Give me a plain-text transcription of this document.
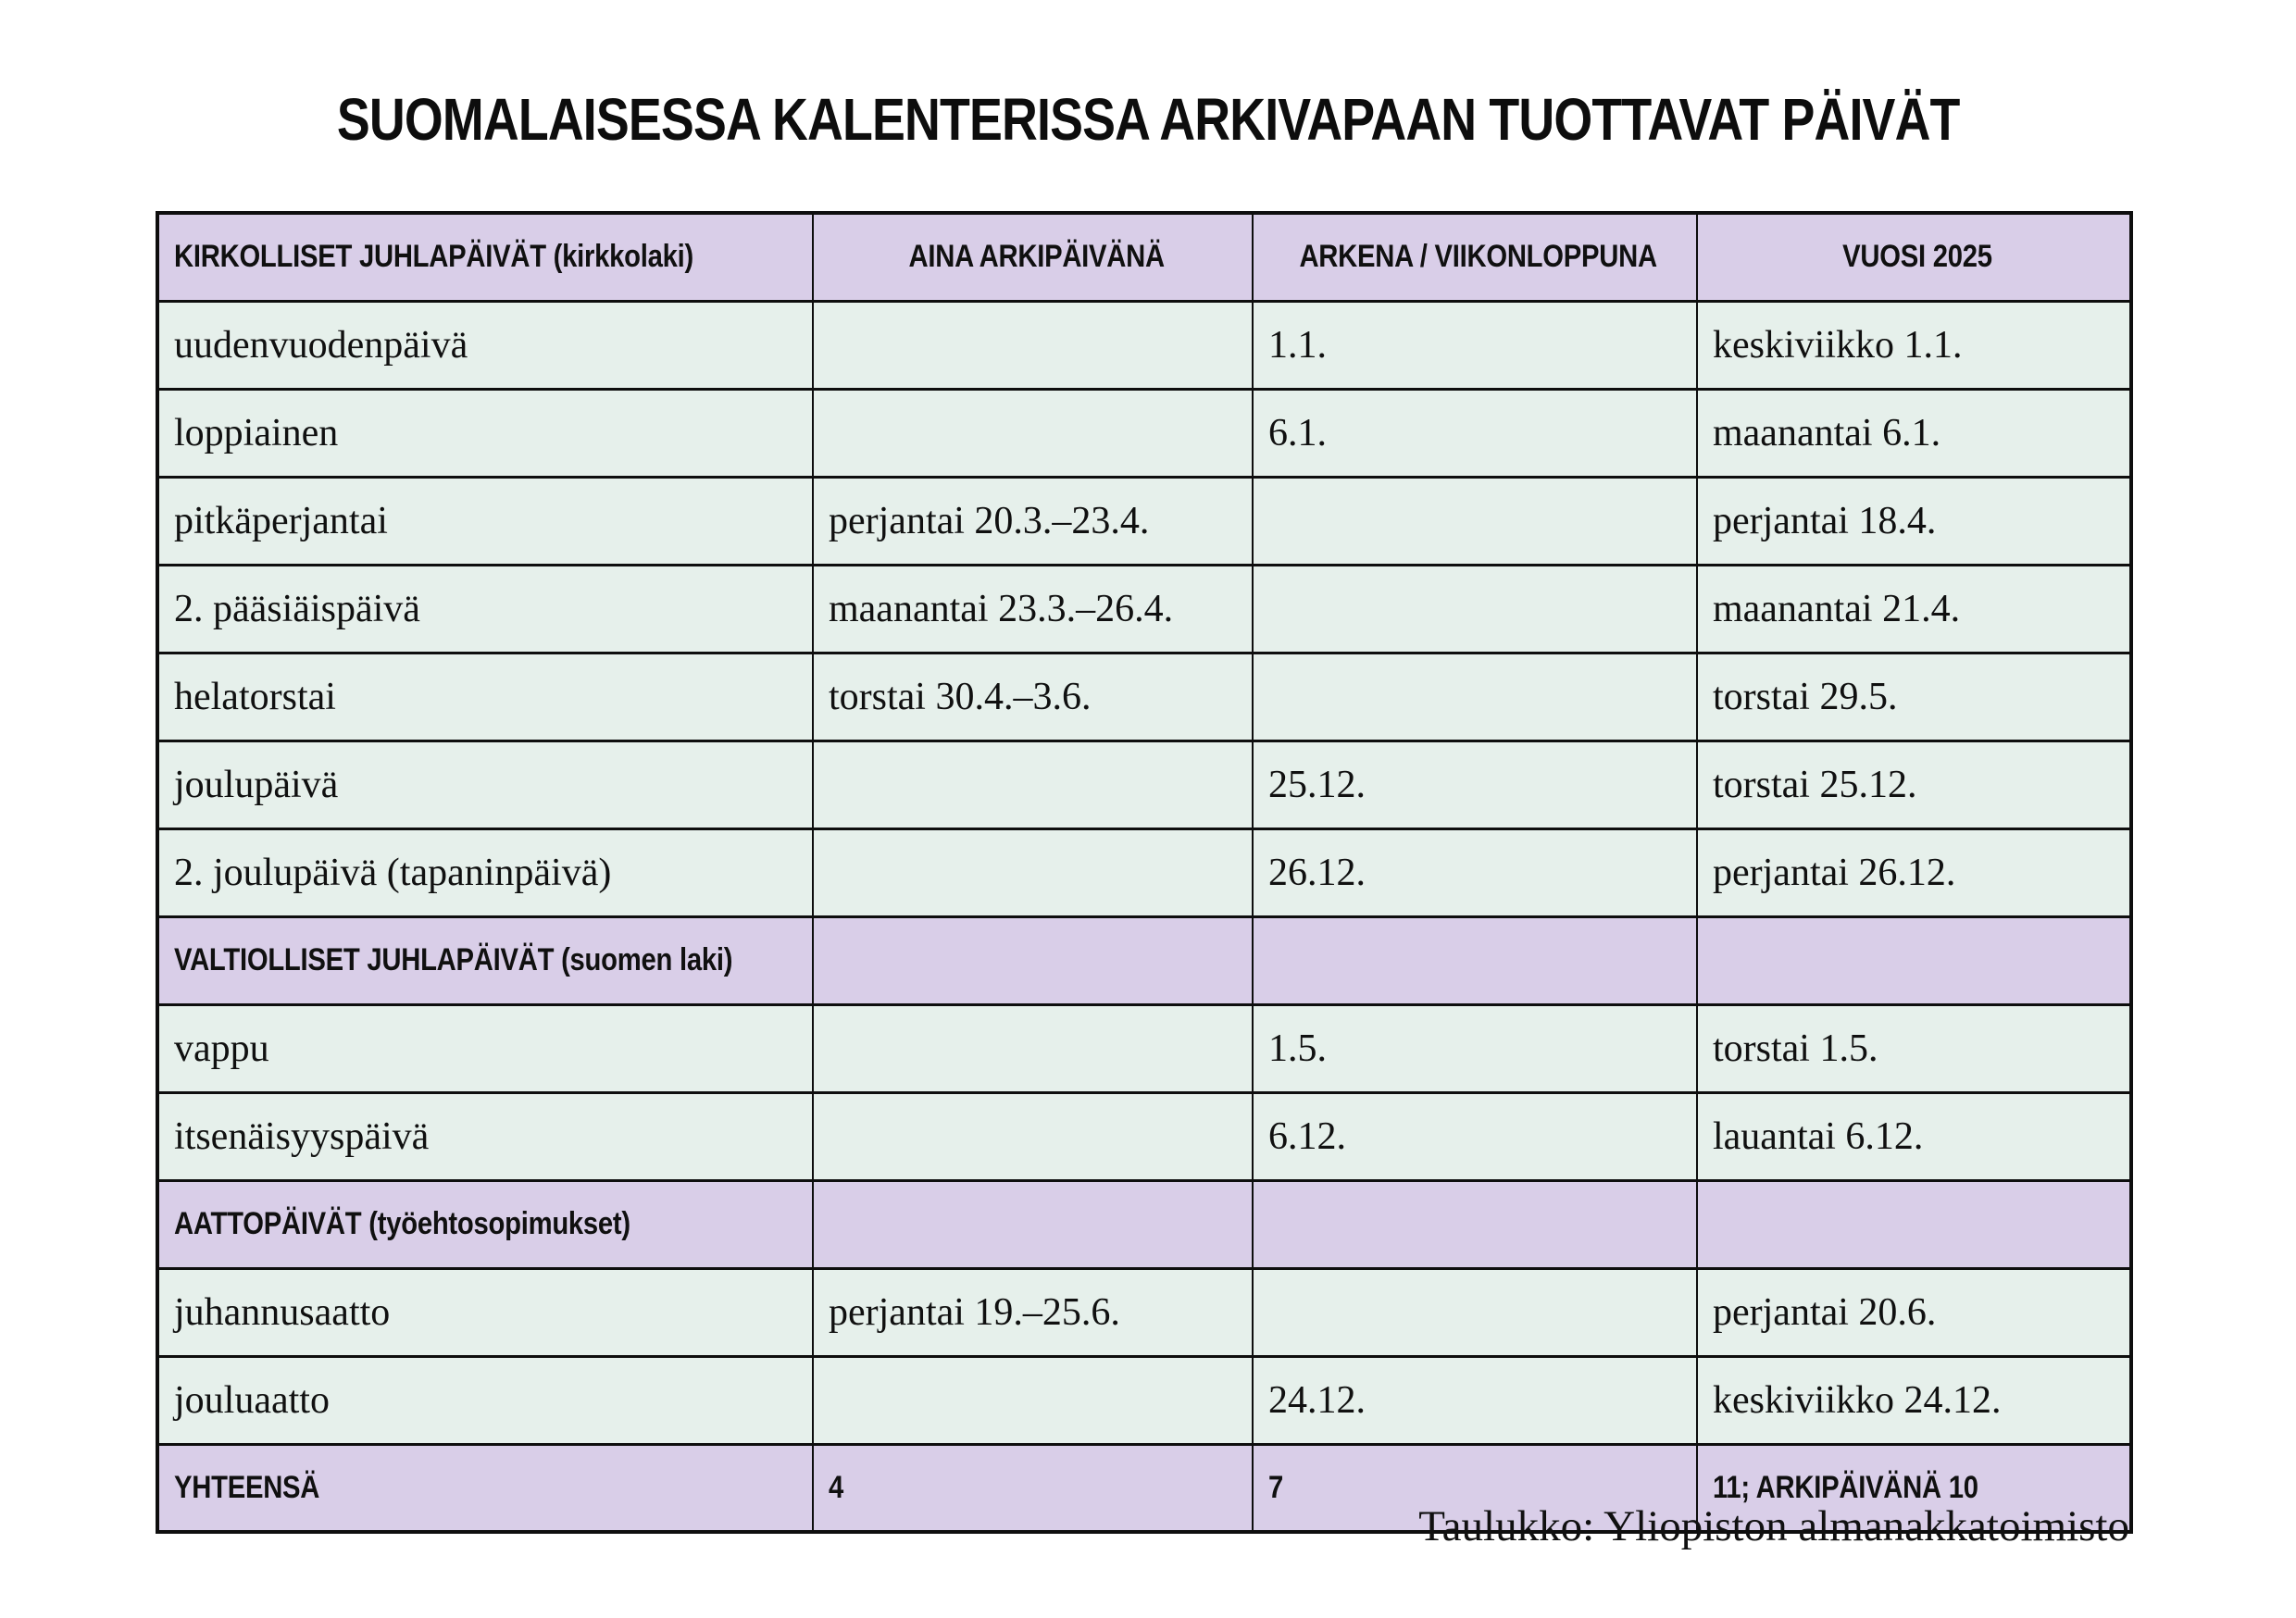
SUOMALAISESSA KALENTERISSA ARKIVAPAAN TUOTTAVAT PÄIVÄT
KIRKOLLISET JUHLAPÄIVÄT (kirkkolaki)	AINA ARKIPÄIVÄNÄ	ARKENA / VIIKONLOPPUNA	VUOSI 2025
uudenvuodenpäivä		1.1.	keskiviikko 1.1.
loppiainen		6.1.	maanantai 6.1.
pitkäperjantai	perjantai 20.3.–23.4.		perjantai 18.4.
2. pääsiäispäivä	maanantai 23.3.–26.4.		maanantai 21.4.
helatorstai	torstai 30.4.–3.6.		torstai 29.5.
joulupäivä		25.12.	torstai 25.12.
2. joulupäivä (tapaninpäivä)		26.12.	perjantai 26.12.
VALTIOLLISET JUHLAPÄIVÄT (suomen laki)			
vappu		1.5.	torstai 1.5.
itsenäisyyspäivä		6.12.	lauantai 6.12.
AATTOPÄIVÄT (työehtosopimukset)			
juhannusaatto	perjantai 19.–25.6.		perjantai 20.6.
jouluaatto		24.12.	keskiviikko 24.12.
YHTEENSÄ	4	7	11; ARKIPÄIVÄNÄ 10
Taulukko: Yliopiston almanakkatoimisto
